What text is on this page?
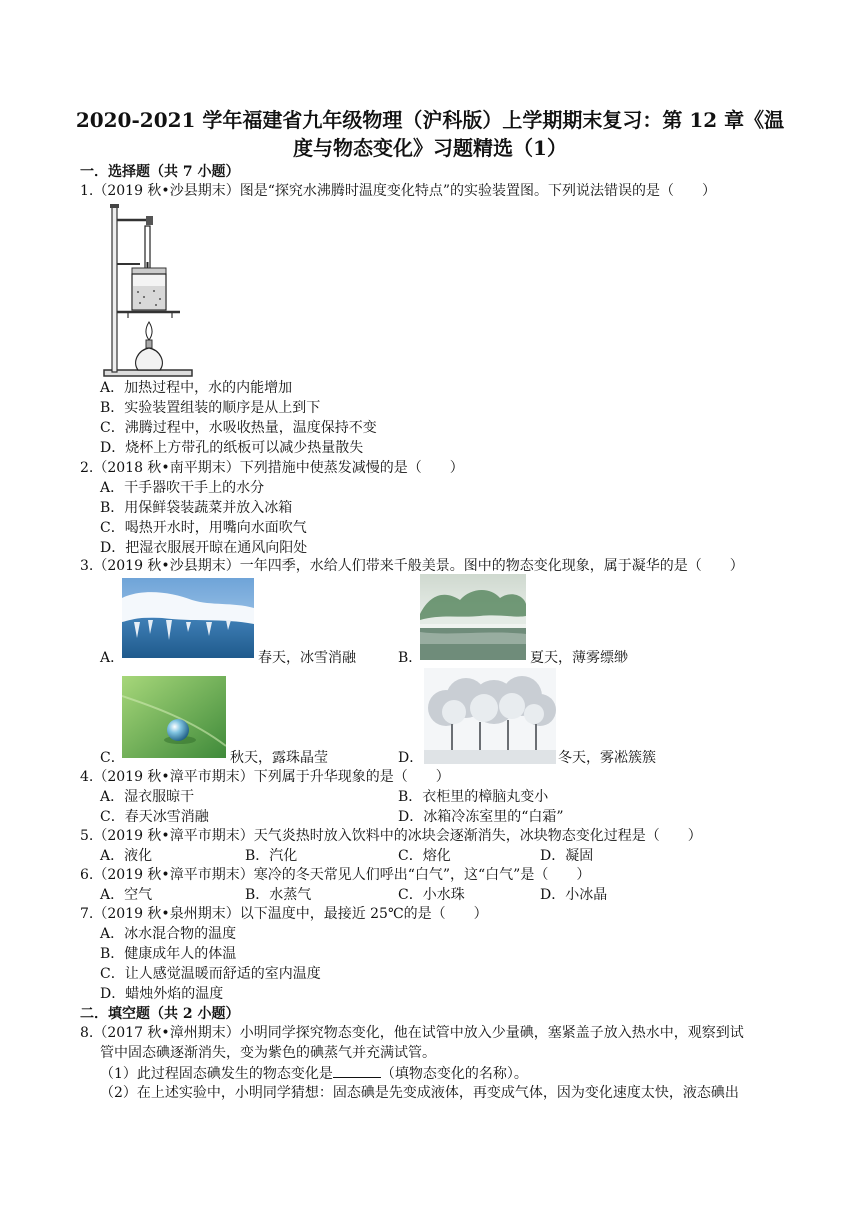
2020-2021 学年福建省九年级物理（沪科版）上学期期末复习：第 12 章《温
度与物态变化》习题精选（1）
一．选择题（共 7 小题）
1.（2019 秋•沙县期末）图是“探究水沸腾时温度变化特点”的实验装置图。下列说法错误的是（　　）
A．加热过程中，水的内能增加
B．实验装置组装的顺序是从上到下
C．沸腾过程中，水吸收热量，温度保持不变
D．烧杯上方带孔的纸板可以减少热量散失
2.（2018 秋•南平期末）下列措施中使蒸发减慢的是（　　）
A．干手器吹干手上的水分
B．用保鲜袋装蔬菜并放入冰箱
C．喝热开水时，用嘴向水面吹气
D．把湿衣服展开晾在通风向阳处
3.（2019 秋•沙县期末）一年四季，水给人们带来千般美景。图中的物态变化现象，属于凝华的是（　　）
A．	春天，冰雪消融	B．	夏天，薄雾缥缈
C．	秋天，露珠晶莹	D．	冬天，雾凇簇簇
4.（2019 秋•漳平市期末）下列属于升华现象的是（　　）
A．湿衣服晾干	B．衣柜里的樟脑丸变小
C．春天冰雪消融	D．冰箱冷冻室里的“白霜”
5.（2019 秋•漳平市期末）天气炎热时放入饮料中的冰块会逐渐消失，冰块物态变化过程是（　　）
A．液化	B．汽化	C．熔化	D．凝固
6.（2019 秋•漳平市期末）寒冷的冬天常见人们呼出“白气”，这“白气”是（　　）
A．空气	B．水蒸气	C．小水珠	D．小冰晶
7.（2019 秋•泉州期末）以下温度中，最接近 25℃的是（　　）
A．冰水混合物的温度
B．健康成年人的体温
C．让人感觉温暖而舒适的室内温度
D．蜡烛外焰的温度
二．填空题（共 2 小题）
8.（2017 秋•漳州期末）小明同学探究物态变化，他在试管中放入少量碘，塞紧盖子放入热水中，观察到试
管中固态碘逐渐消失，变为紫色的碘蒸气并充满试管。
（1）此过程固态碘发生的物态变化是	（填物态变化的名称）。
（2）在上述实验中，小明同学猜想：固态碘是先变成液体，再变成气体，因为变化速度太快，液态碘出
